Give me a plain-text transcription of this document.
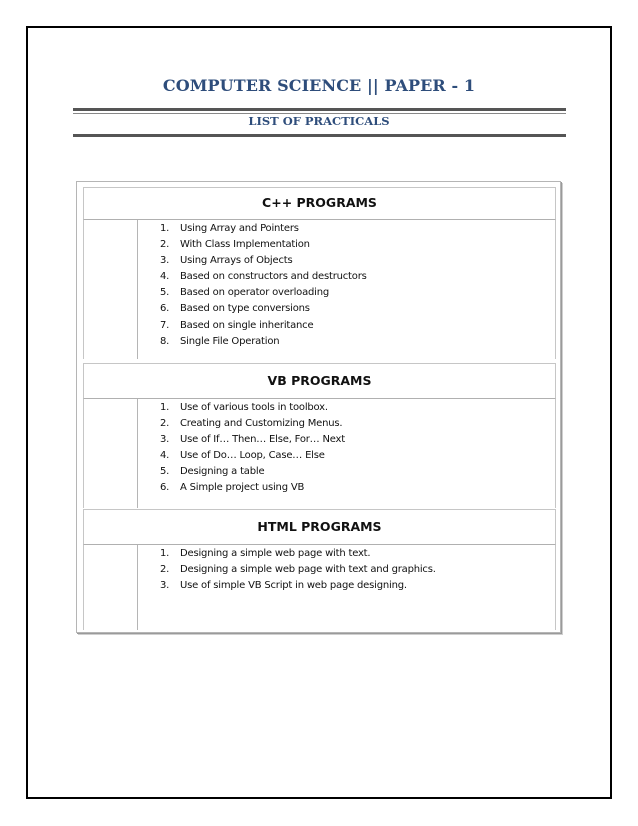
COMPUTER SCIENCE || PAPER - 1
LIST OF PRACTICALS
C++ PROGRAMS
1. Using Array and Pointers
2. With Class Implementation
3. Using Arrays of Objects
4. Based on constructors and destructors
5. Based on operator overloading
6. Based on type conversions
7. Based on single inheritance
8. Single File Operation
VB PROGRAMS
1. Use of various tools in toolbox.
2. Creating and Customizing Menus.
3. Use of If… Then… Else, For… Next
4. Use of Do… Loop, Case… Else
5. Designing a table
6. A Simple project using VB
HTML PROGRAMS
1. Designing a simple web page with text.
2. Designing a simple web page with text and graphics.
3. Use of simple VB Script in web page designing.
